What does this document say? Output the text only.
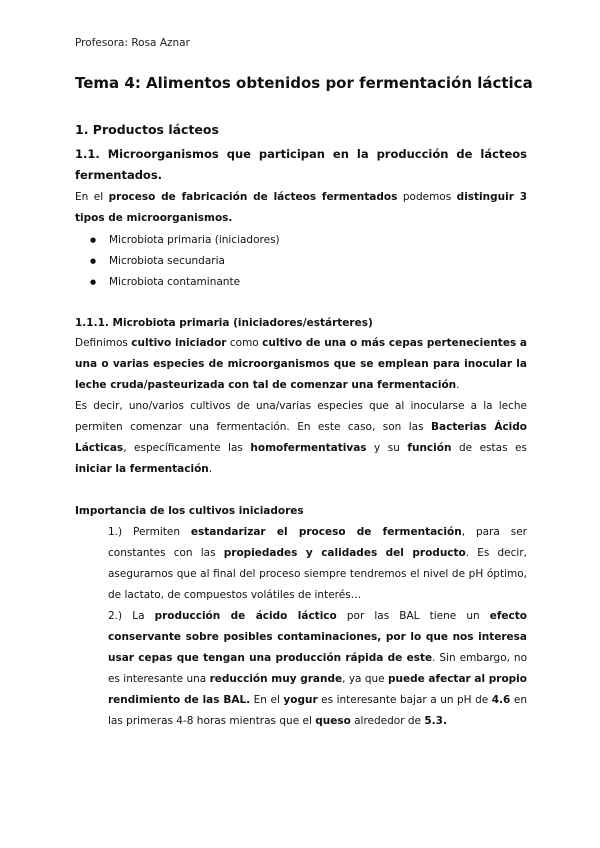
Profesora: Rosa Aznar
Tema 4: Alimentos obtenidos por fermentación láctica
1. Productos lácteos

1.1. Microorganismos que participan en la producción de lácteos fermentados.

En el proceso de fabricación de lácteos fermentados podemos distinguir 3 tipos de microorganismos.

● Microbiota primaria (iniciadores)
● Microbiota secundaria
● Microbiota contaminante

1.1.1. Microbiota primaria (iniciadores/estárteres)

Definimos cultivo iniciador como cultivo de una o más cepas pertenecientes a una o varias especies de microorganismos que se emplean para inocular la leche cruda/pasteurizada con tal de comenzar una fermentación.

Es decir, uno/varios cultivos de una/varias especies que al inocularse a la leche permiten comenzar una fermentación. En este caso, son las Bacterias Ácido Lácticas, específicamente las homofermentativas y su función de estas es iniciar la fermentación.

Importancia de los cultivos iniciadores

1.) Permiten estandarizar el proceso de fermentación, para ser constantes con las propiedades y calidades del producto. Es decir, asegurarnos que al final del proceso siempre tendremos el nivel de pH óptimo, de lactato, de compuestos volátiles de interés…

2.) La producción de ácido láctico por las BAL tiene un efecto conservante sobre posibles contaminaciones, por lo que nos interesa usar cepas que tengan una producción rápida de este. Sin embargo, no es interesante una reducción muy grande, ya que puede afectar al propio rendimiento de las BAL. En el yogur es interesante bajar a un pH de 4.6 en las primeras 4-8 horas mientras que el queso alrededor de 5.3.
